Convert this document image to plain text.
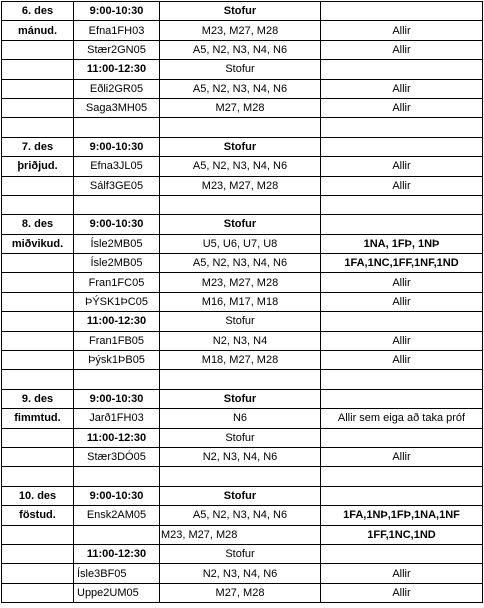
6. des	9:00-10:30	Stofur	
mánud.	Efna1FH03	M23, M27, M28	Allir
	Stær2GN05	A5, N2, N3, N4, N6	Allir
	11:00-12:30	Stofur	
	Eðli2GR05	A5, N2, N3, N4, N6	Allir
	Saga3MH05	M27, M28	Allir

7. des	9:00-10:30	Stofur	
þriðjud.	Efna3JL05	A5, N2, N3, N4, N6	Allir
	Sálf3GE05	M23, M27, M28	Allir

8. des	9:00-10:30	Stofur	
miðvikud.	Ísle2MB05	U5, U6, U7, U8	1NA, 1FÞ, 1NÞ
	Ísle2MB05	A5, N2, N3, N4, N6	1FA,1NC,1FF,1NF,1ND
	Fran1FC05	M23, M27, M28	Allir
	ÞÝSK1ÞC05	M16, M17, M18	Allir
	11:00-12:30	Stofur	
	Fran1FB05	N2, N3, N4	Allir
	Þýsk1ÞB05	M18, M27, M28	Allir

9. des	9:00-10:30	Stofur	
fimmtud.	Jarð1FH03	N6	Allir sem eiga að taka próf
	11:00-12:30	Stofur	
	Stær3DÓ05	N2, N3, N4, N6	Allir

10. des	9:00-10:30	Stofur	
föstud.	Ensk2AM05	A5, N2, N3, N4, N6	1FA,1NÞ,1FÞ,1NA,1NF
		M23, M27, M28	1FF,1NC,1ND
	11:00-12:30	Stofur	
	Ísle3BF05	N2, N3, N4, N6	Allir
	Uppe2UM05	M27, M28	Allir
